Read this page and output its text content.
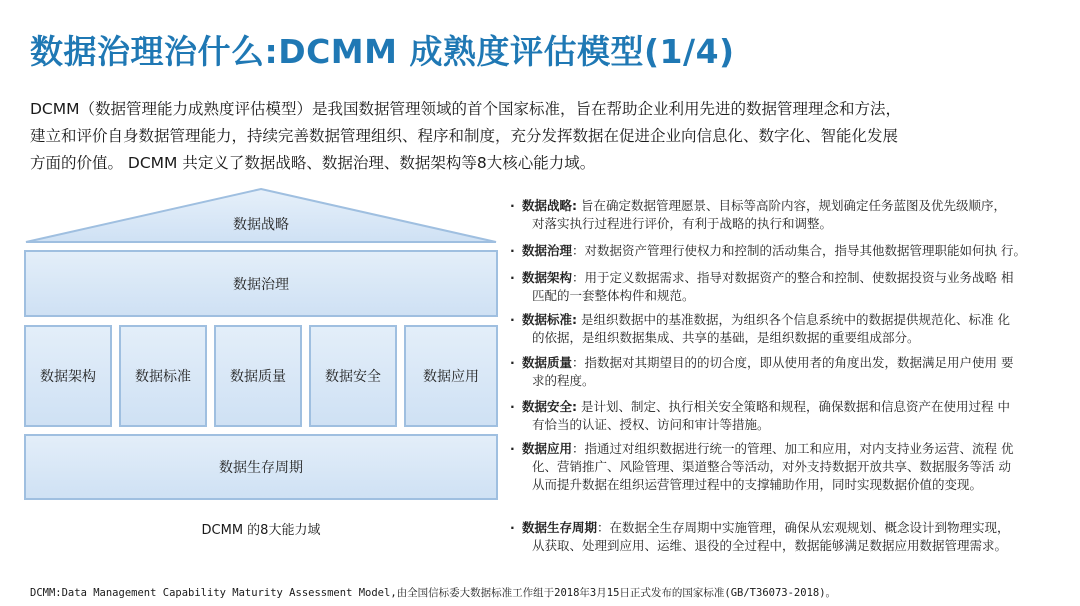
数据治理治什么:DCMM 成熟度评估模型(1/4)

DCMM（数据管理能力成熟度评估模型）是我国数据管理领域的首个国家标准，旨在帮助企业利用先进的数据管理理念和方法，

建立和评价自身数据管理能力，持续完善数据管理组织、程序和制度，充分发挥数据在促进企业向信息化、数字化、智能化发展

方面的价值。 DCMM 共定义了数据战略、数据治理、数据架构等8大核心能力域。

数据战略
数据治理
数据架构	数据标准	数据质量	数据安全	数据应用
数据生存周期
DCMM 的8大能力域
· 数据战略: 旨在确定数据管理愿景、目标等高阶内容，规划确定任务蓝图及优先级顺序，
对落实执行过程进行评价，有利于战略的执行和调整。
· 数据治理：对数据资产管理行使权力和控制的活动集合，指导其他数据管理职能如何执 行。
· 数据架构：用于定义数据需求、指导对数据资产的整合和控制、使数据投资与业务战略 相
匹配的一套整体构件和规范。
· 数据标准: 是组织数据中的基准数据，为组织各个信息系统中的数据提供规范化、标准 化
的依据，是组织数据集成、共享的基础，是组织数据的重要组成部分。
· 数据质量：指数据对其期望目的的切合度，即从使用者的角度出发，数据满足用户使用 要
求的程度。
· 数据安全: 是计划、制定、执行相关安全策略和规程，确保数据和信息资产在使用过程 中
有恰当的认证、授权、访问和审计等措施。
· 数据应用：指通过对组织数据进行统一的管理、加工和应用，对内支持业务运营、流程 优
化、营销推广、风险管理、渠道整合等活动，对外支持数据开放共享、数据服务等活 动
从而提升数据在组织运营管理过程中的支撑辅助作用，同时实现数据价值的变现。
· 数据生存周期：在数据全生存周期中实施管理，确保从宏观规划、概念设计到物理实现，
从获取、处理到应用、运维、退役的全过程中，数据能够满足数据应用数据管理需求。
DCMM:Data Management Capability Maturity Assessment Model,由全国信标委大数据标准工作组于2018年3月15日正式发布的国家标准(GB/T36073-2018)。
